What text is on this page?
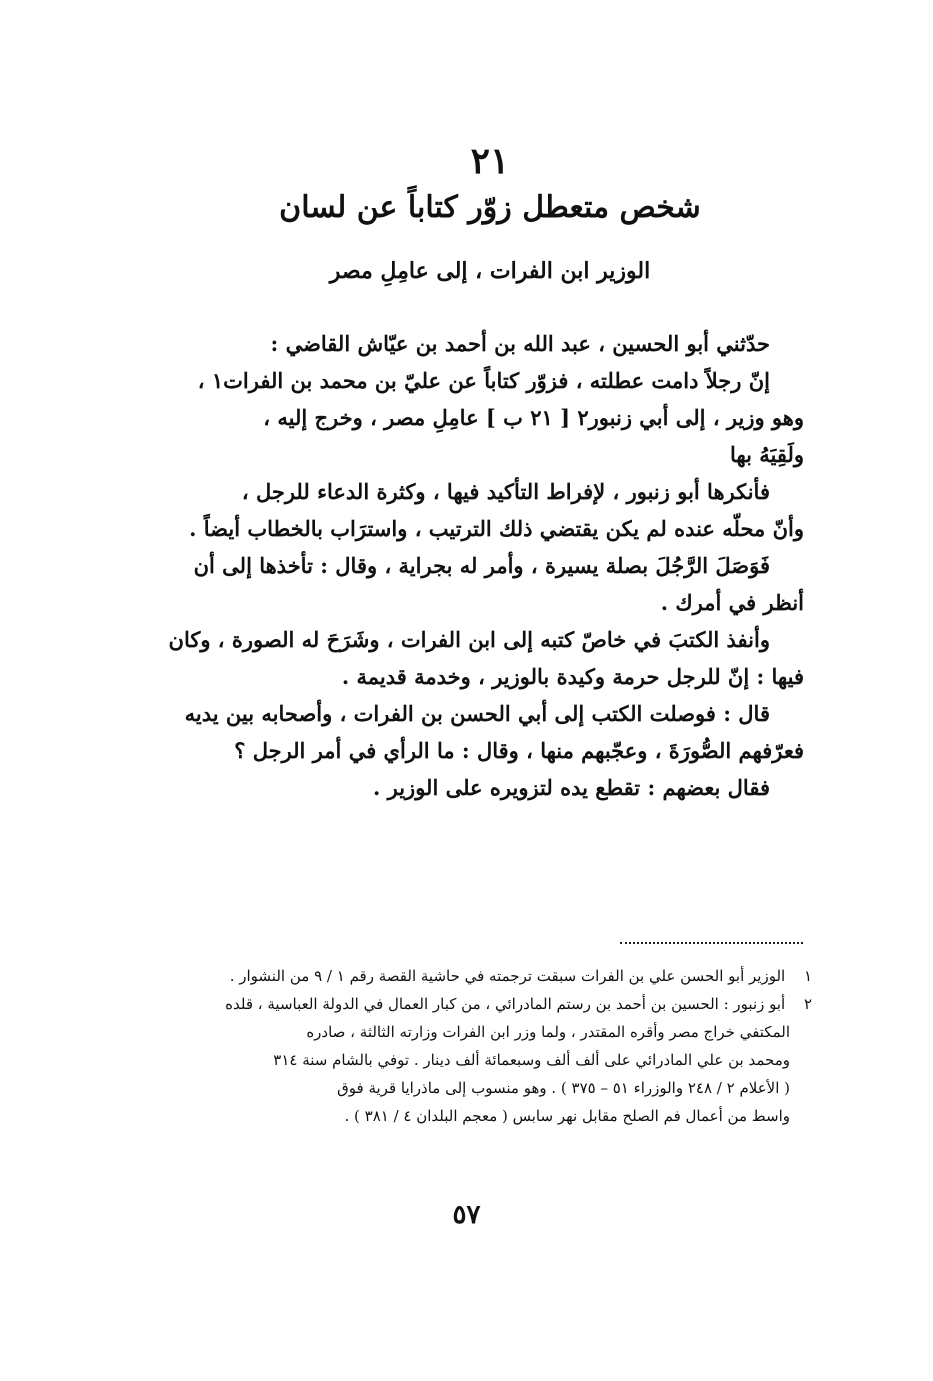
٢١
شخص متعطل زوّر كتاباً عن لسان
الوزير ابن الفرات ، إلى عامِلِ مصر
حدّثني أبو الحسين ، عبد الله بن أحمد بن عيّاش القاضي :
إنّ رجلاً دامت عطلته ، فزوّر كتاباً عن عليّ بن محمد بن الفرات١ ،
وهو وزير ، إلى أبي زنبور٢ [ ٢١ ب ] عامِلِ مصر ، وخرج إليه ،
ولَقِيَهُ بها
فأنكرها أبو زنبور ، لإفراط التأكيد فيها ، وكثرة الدعاء للرجل ،
وأنّ محلّه عنده لم يكن يقتضي ذلك الترتيب ، واسترَاب بالخطاب أيضاً .
فَوَصَلَ الرَّجُلَ بصلة يسيرة ، وأمر له بجراية ، وقال : تأخذها إلى أن
أنظر في أمرك .
وأنفذ الكتبَ في خاصّ كتبه إلى ابن الفرات ، وشَرَحَ له الصورة ، وكان
فيها : إنّ للرجل حرمة وكيدة بالوزير ، وخدمة قديمة .
قال : فوصلت الكتب إلى أبي الحسن بن الفرات ، وأصحابه بين يديه
فعرّفهم الصُّورَةَ ، وعجّبهم منها ، وقال : ما الرأي في أمر الرجل ؟
فقال بعضهم : تقطع يده لتزويره على الوزير .
١ الوزير أبو الحسن علي بن الفرات سبقت ترجمته في حاشية القصة رقم ١ / ٩ من النشوار .
٢ أبو زنبور : الحسين بن أحمد بن رستم المادرائي ، من كبار العمال في الدولة العباسية ، قلده
المكتفي خراج مصر وأقره المقتدر ، ولما وزر ابن الفرات وزارته الثالثة ، صادره
ومحمد بن علي المادرائي على ألف ألف وسبعمائة ألف دينار . توفي بالشام سنة ٣١٤
( الأعلام ٢ / ٢٤٨ والوزراء ٥١ – ٣٧٥ ) . وهو منسوب إلى ماذرايا قرية فوق
واسط من أعمال فم الصلح مقابل نهر سابس ( معجم البلدان ٤ / ٣٨١ ) .
٥٧
